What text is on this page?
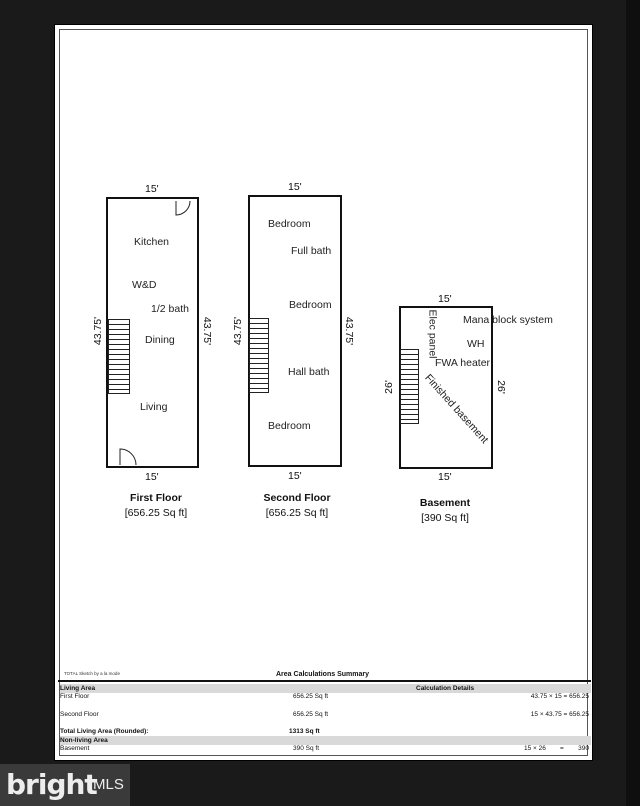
15'
Kitchen
W&D
1/2 bath
Dining
Living
43.75'	43.75'
15'
First Floor
[656.25 Sq ft]
15'
Bedroom
Full bath
Bedroom
Hall bath
Bedroom
43.75'	43.75'
15'
Second Floor
[656.25 Sq ft]
15'
Elec panel Mana block system
WH
FWA heater
Finished basement
26'	26'
15'
Basement
[390 Sq ft]
TOTAL Sketch by a la mode	Area Calculations Summary
Living Area	Calculation Details
First Floor	656.25 Sq ft	43.75 × 15 = 656.25
Second Floor	656.25 Sq ft	15 × 43.75 = 656.25
Total Living Area (Rounded):	1313 Sq ft
Non-living Area
Basement	390 Sq ft	15 × 26 = 390
bright
MLS
